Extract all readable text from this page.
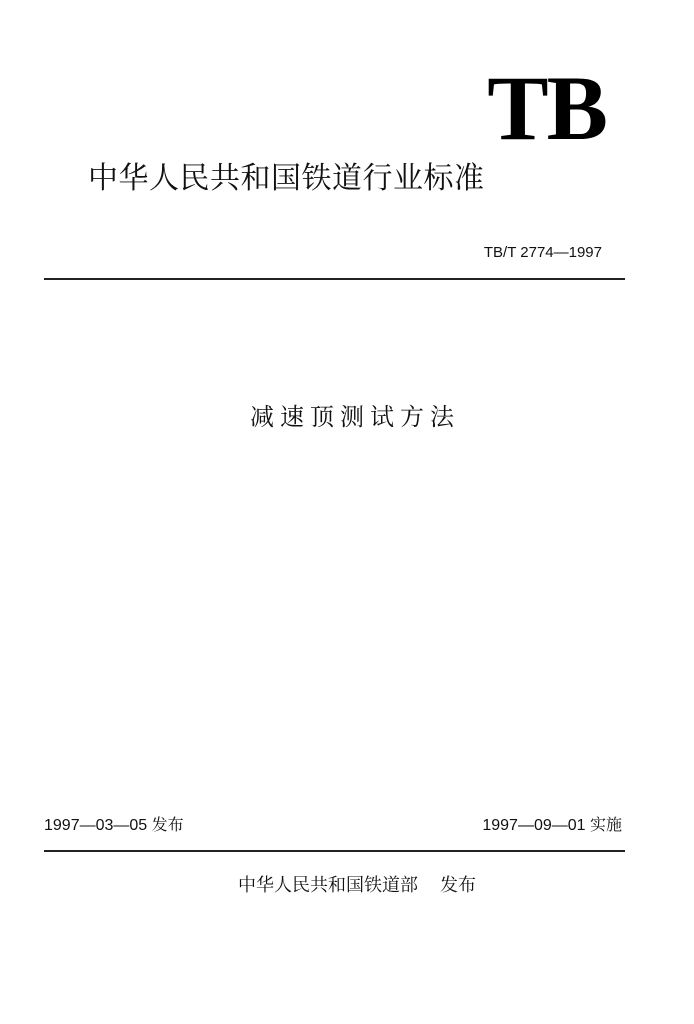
TB
中华人民共和国铁道行业标准
TB/T 2774—1997
减速顶测试方法
1997—03—05 发布	1997—09—01 实施
中华人民共和国铁道部 发布
